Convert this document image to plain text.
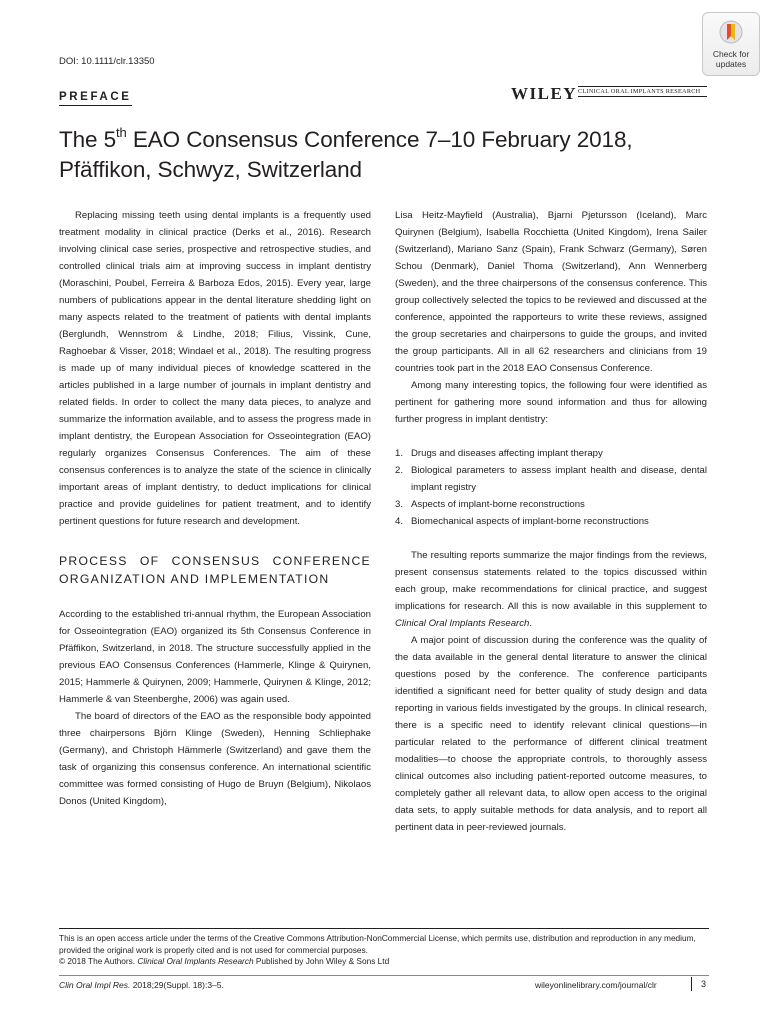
DOI: 10.1111/clr.13350
Check for
updates
PREFACE	WILEY CLINICAL ORAL IMPLANTS RESEARCH
The 5th EAO Consensus Conference 7–10 February 2018, Pfäffikon, Schwyz, Switzerland

Replacing missing teeth using dental implants is a frequently used treatment modality in clinical practice (Derks et al., 2016). Research involving clinical case series, prospective and retrospective studies, and controlled clinical trials aim at improving success in implant dentistry (Moraschini, Poubel, Ferreira & Barboza Edos, 2015). Every year, large numbers of publications appear in the dental literature shedding light on many aspects related to the treatment of patients with dental implants (Berglundh, Wennstrom & Lindhe, 2018; Filius, Vissink, Cune, Raghoebar & Visser, 2018; Windael et al., 2018). The resulting progress is made up of many individual pieces of knowledge scattered in the articles published in a large number of journals in implant dentistry and related fields. In order to collect the many data pieces, to analyze and summarize the information available, and to assess the progress made in implant dentistry, the European Association for Osseointegration (EAO) regularly organizes Consensus Conferences. The aim of these consensus conferences is to analyze the state of the science in clinically important areas of implant dentistry, to deduct implications for clinical practice and provide guidelines for patient treatment, and to identify pertinent questions for future research and development.

PROCESS OF CONSENSUS CONFERENCE ORGANIZATION AND IMPLEMENTATION

According to the established tri-annual rhythm, the European Association for Osseointegration (EAO) organized its 5th Consensus Conference in Pfäffikon, Switzerland, in 2018. The structure successfully applied in the previous EAO Consensus Conferences (Hammerle, Klinge & Quirynen, 2015; Hammerle & Quirynen, 2009; Hammerle, Quirynen & Klinge, 2012; Hammerle & van Steenberghe, 2006) was again used.

The board of directors of the EAO as the responsible body appointed three chairpersons Björn Klinge (Sweden), Henning Schliephake (Germany), and Christoph Hämmerle (Switzerland) and gave them the task of organizing this consensus conference. An international scientific committee was formed consisting of Hugo de Bruyn (Belgium), Nikolaos Donos (United Kingdom),

Lisa Heitz-Mayfield (Australia), Bjarni Pjetursson (Iceland), Marc Quirynen (Belgium), Isabella Rocchietta (United Kingdom), Irena Sailer (Switzerland), Mariano Sanz (Spain), Frank Schwarz (Germany), Søren Schou (Denmark), Daniel Thoma (Switzerland), Ann Wennerberg (Sweden), and the three chairpersons of the consensus conference. This group collectively selected the topics to be reviewed and discussed at the conference, appointed the rapporteurs to write these reviews, assigned the group secretaries and chairpersons to guide the groups, and invited the group participants. All in all 62 researchers and clinicians from 19 countries took part in the 2018 EAO Consensus Conference.

Among many interesting topics, the following four were identified as pertinent for gathering more sound information and thus for allowing further progress in implant dentistry:

1. Drugs and diseases affecting implant therapy
2. Biological parameters to assess implant health and disease, dental implant registry
3. Aspects of implant-borne reconstructions
4. Biomechanical aspects of implant-borne reconstructions

The resulting reports summarize the major findings from the reviews, present consensus statements related to the topics discussed within each group, make recommendations for clinical practice, and suggest implications for research. All this is now available in this supplement to Clinical Oral Implants Research.

A major point of discussion during the conference was the quality of the data available in the general dental literature to answer the clinical questions posed by the conference. The conference participants identified a significant need for better quality of study design and data reporting in various fields investigated by the groups. In clinical research, there is a specific need to identify relevant clinical questions—in particular related to the performance of different clinical treatment modalities—to choose the appropriate controls, to thoroughly assess clinical outcomes also including patient-reported outcome measures, to completely gather all relevant data, to allow open access to the original data sets, to apply suitable methods for data analysis, and to report all pertinent data in peer-reviewed journals.

This is an open access article under the terms of the Creative Commons Attribution-NonCommercial License, which permits use, distribution and reproduction in any medium, provided the original work is properly cited and is not used for commercial purposes.
© 2018 The Authors. Clinical Oral Implants Research Published by John Wiley & Sons Ltd
Clin Oral Impl Res. 2018;29(Suppl. 18):3–5.	wileyonlinelibrary.com/journal/clr	3
